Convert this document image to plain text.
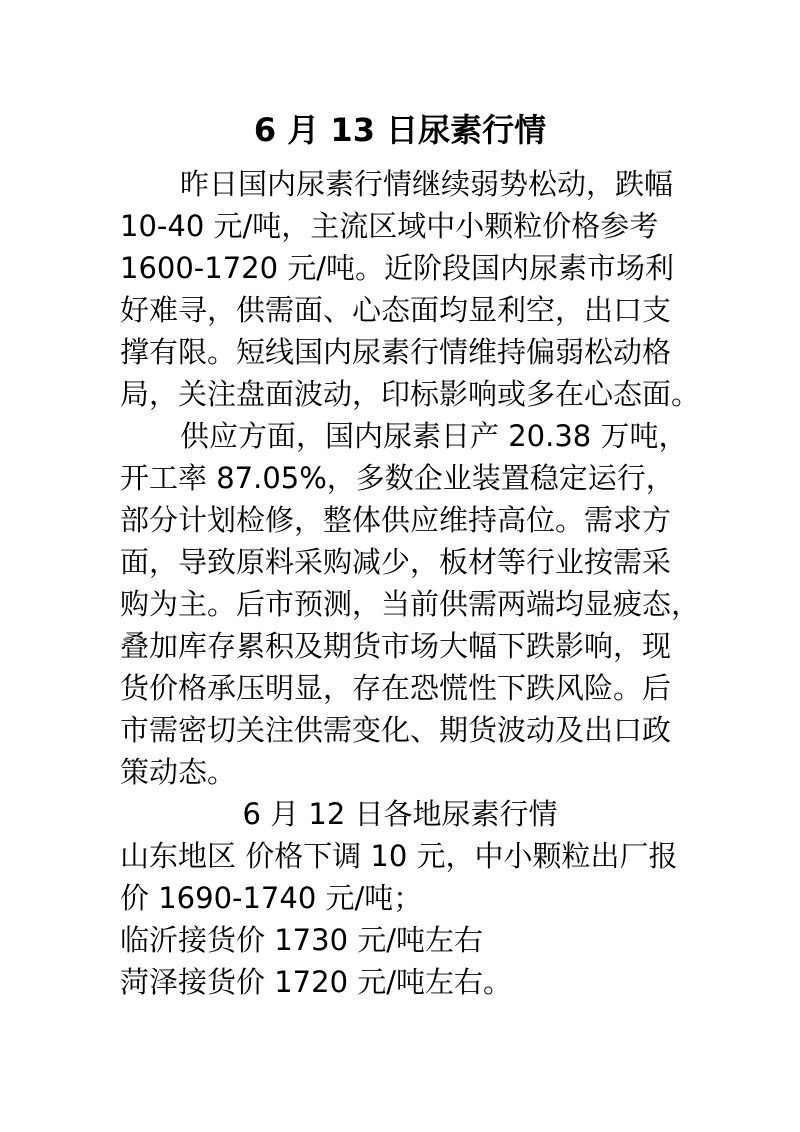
6 月 13 日尿素行情
昨日国内尿素行情继续弱势松动，跌幅
10-40 元/吨，主流区域中小颗粒价格参考
1600-1720 元/吨。近阶段国内尿素市场利
好难寻，供需面、心态面均显利空，出口支
撑有限。短线国内尿素行情维持偏弱松动格
局，关注盘面波动，印标影响或多在心态面。
供应方面，国内尿素日产 20.38 万吨，
开工率 87.05%，多数企业装置稳定运行，
部分计划检修，整体供应维持高位。需求方
面，导致原料采购减少，板材等行业按需采
购为主。后市预测，当前供需两端均显疲态，
叠加库存累积及期货市场大幅下跌影响，现
货价格承压明显，存在恐慌性下跌风险。后
市需密切关注供需变化、期货波动及出口政
策动态。
6 月 12 日各地尿素行情
山东地区 价格下调 10 元，中小颗粒出厂报
价 1690-1740 元/吨；
临沂接货价 1730 元/吨左右
菏泽接货价 1720 元/吨左右。
